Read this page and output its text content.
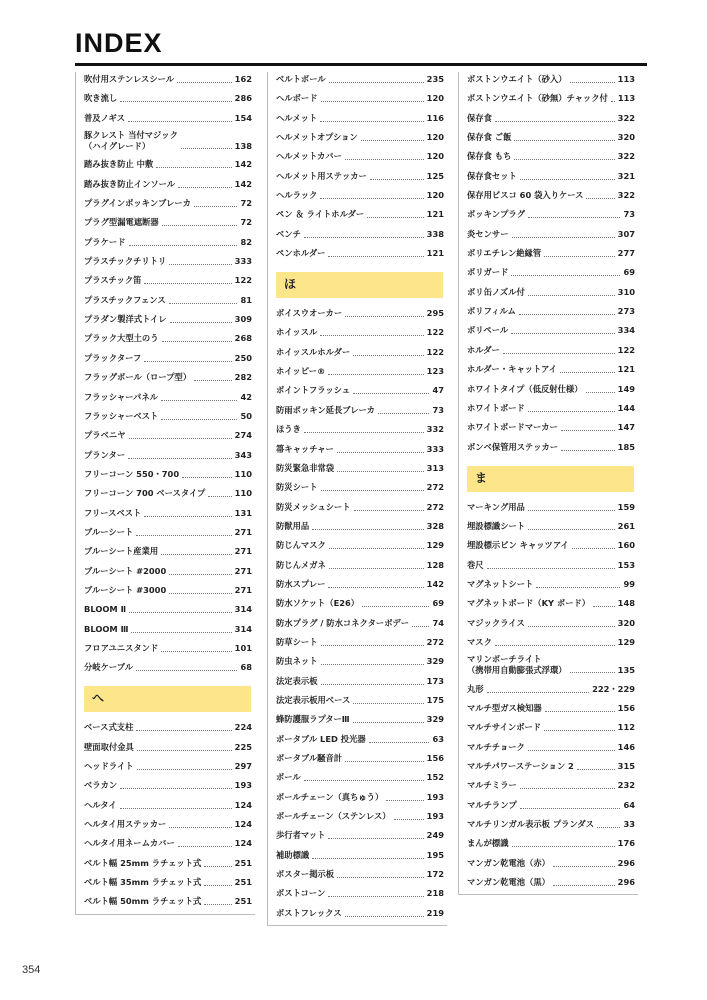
INDEX
吹付用ステンレスシール	162
吹き流し	286
普及ノギス	154
豚クレスト 当付マジック
（ハイグレード）	138
踏み抜き防止 中敷	142
踏み抜き防止インソール	142
プラグインポッキンブレーカ	72
プラグ型漏電遮断器	72
プラケード	82
プラスチックチリトリ	333
プラスチック笛	122
プラスチックフェンス	81
プラダン製洋式トイレ	309
プラック大型土のう	268
プラックターフ	250
フラッグポール（ロープ型）	282
フラッシャーパネル	42
フラッシャーベスト	50
プラベニヤ	274
プランター	343
フリーコーン 550・700	110
フリーコーン 700 ベースタイプ	110
フリースベスト	131
ブルーシート	271
ブルーシート産業用	271
ブルーシート #2000	271
ブルーシート #3000	271
BLOOM Ⅱ	314
BLOOM Ⅲ	314
フロアユニスタンド	101
分岐ケーブル	68
へ
ベース式支柱	224
壁面取付金具	225
ヘッドライト	297
ベラカン	193
ヘルタイ	124
ヘルタイ用ステッカー	124
ヘルタイ用ネームカバー	124
ベルト幅 25mm ラチェット式	251
ベルト幅 35mm ラチェット式	251
ベルト幅 50mm ラチェット式	251
ベルトポール	235
ヘルボード	120
ヘルメット	116
ヘルメットオプション	120
ヘルメットカバー	120
ヘルメット用ステッカー	125
ヘルラック	120
ペン ＆ ライトホルダー	121
ベンチ	338
ペンホルダー	121
ほ
ボイスウオーカー	295
ホイッスル	122
ホイッスルホルダー	122
ホイッピー®	123
ポイントフラッシュ	47
防雨ポッキン延長ブレーカ	73
ほうき	332
箒キャッチャー	333
防災緊急非常袋	313
防災シート	272
防災メッシュシート	272
防獣用品	328
防じんマスク	129
防じんメガネ	128
防水スプレー	142
防水ソケット（E26）	69
防水プラグ / 防水コネクターボデー	74
防草シート	272
防虫ネット	329
法定表示板	173
法定表示板用ベース	175
蜂防護服ラプターⅢ	329
ポータブル LED 投光器	63
ポータブル騒音計	156
ポール	152
ポールチェーン（真ちゅう）	193
ポールチェーン（ステンレス）	193
歩行者マット	249
補助標識	195
ポスター掲示板	172
ポストコーン	218
ポストフレックス	219
ポストンウエイト（砂入）	113
ポストンウエイト（砂無）チャック付 113
保存食	322
保存食 ご飯	320
保存食 もち	322
保存食セット	321
保存用ビスコ 60 袋入りケース	322
ポッキンプラグ	73
炎センサー	307
ポリエチレン絶縁管	277
ポリガード	69
ポリ缶ノズル付	310
ポリフィルム	273
ポリペール	334
ホルダー	122
ホルダー・キャットアイ	121
ホワイトタイプ（低反射仕様）	149
ホワイトボード	144
ホワイトボードマーカー	147
ボンベ保管用ステッカー	185
ま
マーキング用品	159
埋設標識シート	261
埋設標示ピン キャッツアイ	160
巻尺	153
マグネットシート	99
マグネットボード（KY ボード）	148
マジックライス	320
マスク	129
マリンポーチライト
（携帯用自動膨張式浮環）	135
丸形	222・229
マルチ型ガス検知器	156
マルチサインボード	112
マルチチョーク	146
マルチパワーステーション 2	315
マルチミラー	232
マルチランプ	64
マルチリンガル表示板 プランダス	33
まんが標識	176
マンガン乾電池（赤）	296
マンガン乾電池（黒）	296
354
